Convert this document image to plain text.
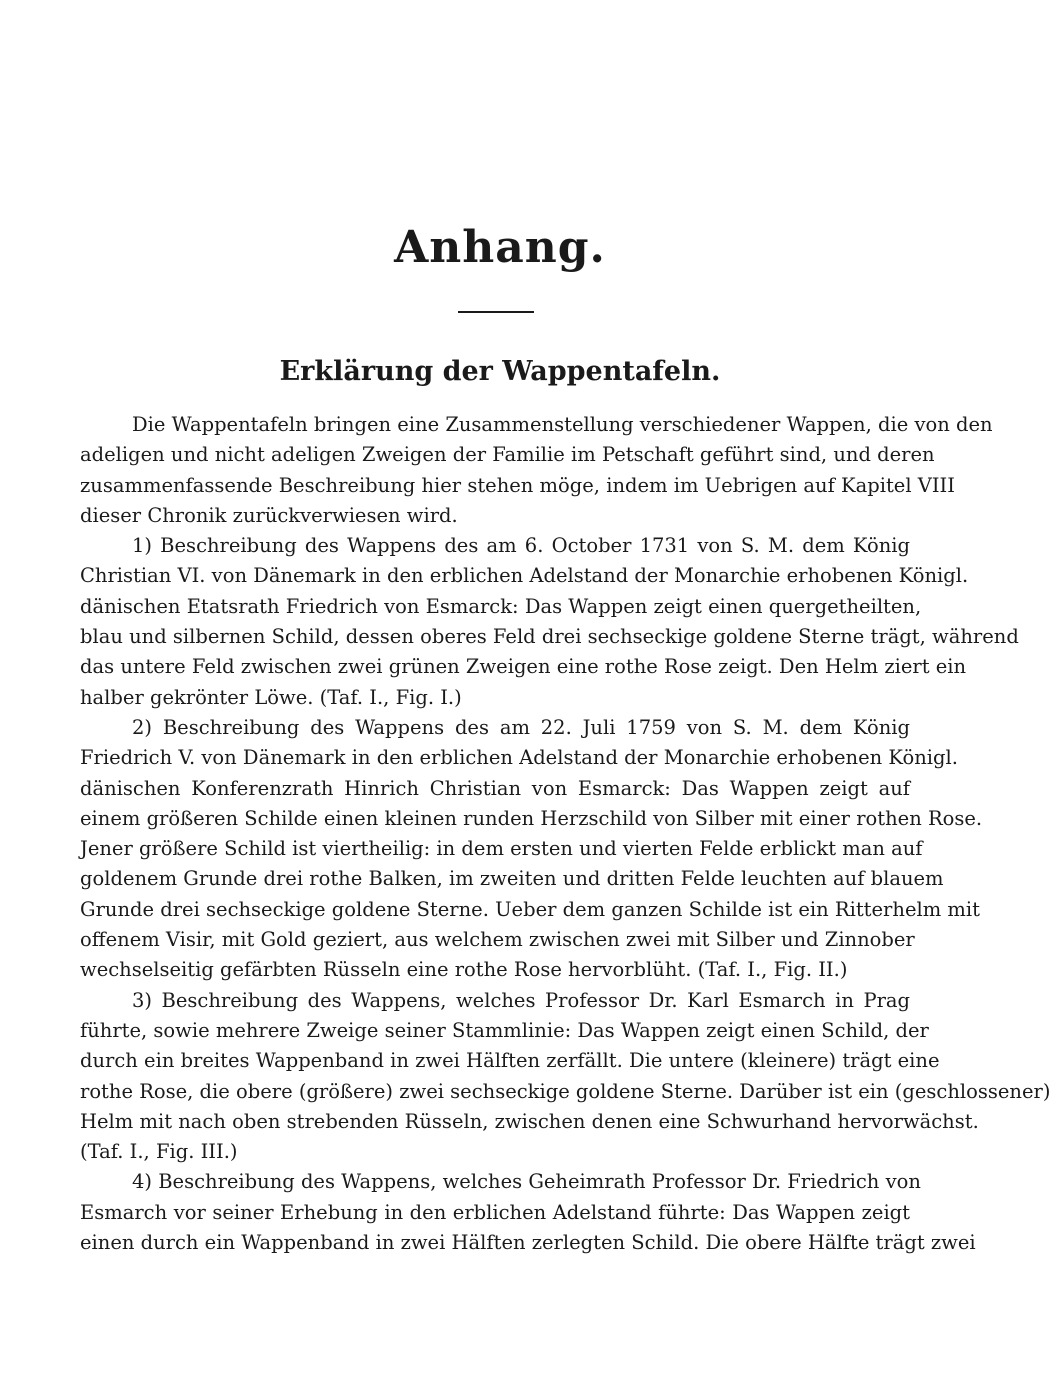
Anhang.
Erklärung der Wappentafeln.
Die Wappentafeln bringen eine Zusammenstellung verschiedener Wappen, die von den
adeligen und nicht adeligen Zweigen der Familie im Petschaft geführt sind, und deren
zusammenfassende Beschreibung hier stehen möge, indem im Uebrigen auf Kapitel VIII
dieser Chronik zurückverwiesen wird.
1) Beschreibung des Wappens des am 6. October 1731 von S. M. dem König
Christian VI. von Dänemark in den erblichen Adelstand der Monarchie erhobenen Königl.
dänischen Etatsrath Friedrich von Esmarck: Das Wappen zeigt einen quergetheilten,
blau und silbernen Schild, dessen oberes Feld drei sechseckige goldene Sterne trägt, während
das untere Feld zwischen zwei grünen Zweigen eine rothe Rose zeigt. Den Helm ziert ein
halber gekrönter Löwe. (Taf. I., Fig. I.)
2) Beschreibung des Wappens des am 22. Juli 1759 von S. M. dem König
Friedrich V. von Dänemark in den erblichen Adelstand der Monarchie erhobenen Königl.
dänischen Konferenzrath Hinrich Christian von Esmarck: Das Wappen zeigt auf
einem größeren Schilde einen kleinen runden Herzschild von Silber mit einer rothen Rose.
Jener größere Schild ist viertheilig: in dem ersten und vierten Felde erblickt man auf
goldenem Grunde drei rothe Balken, im zweiten und dritten Felde leuchten auf blauem
Grunde drei sechseckige goldene Sterne. Ueber dem ganzen Schilde ist ein Ritterhelm mit
offenem Visir, mit Gold geziert, aus welchem zwischen zwei mit Silber und Zinnober
wechselseitig gefärbten Rüsseln eine rothe Rose hervorblüht. (Taf. I., Fig. II.)
3) Beschreibung des Wappens, welches Professor Dr. Karl Esmarch in Prag
führte, sowie mehrere Zweige seiner Stammlinie: Das Wappen zeigt einen Schild, der
durch ein breites Wappenband in zwei Hälften zerfällt. Die untere (kleinere) trägt eine
rothe Rose, die obere (größere) zwei sechseckige goldene Sterne. Darüber ist ein (geschlossener)
Helm mit nach oben strebenden Rüsseln, zwischen denen eine Schwurhand hervorwächst.
(Taf. I., Fig. III.)
4) Beschreibung des Wappens, welches Geheimrath Professor Dr. Friedrich von
Esmarch vor seiner Erhebung in den erblichen Adelstand führte: Das Wappen zeigt
einen durch ein Wappenband in zwei Hälften zerlegten Schild. Die obere Hälfte trägt zwei
